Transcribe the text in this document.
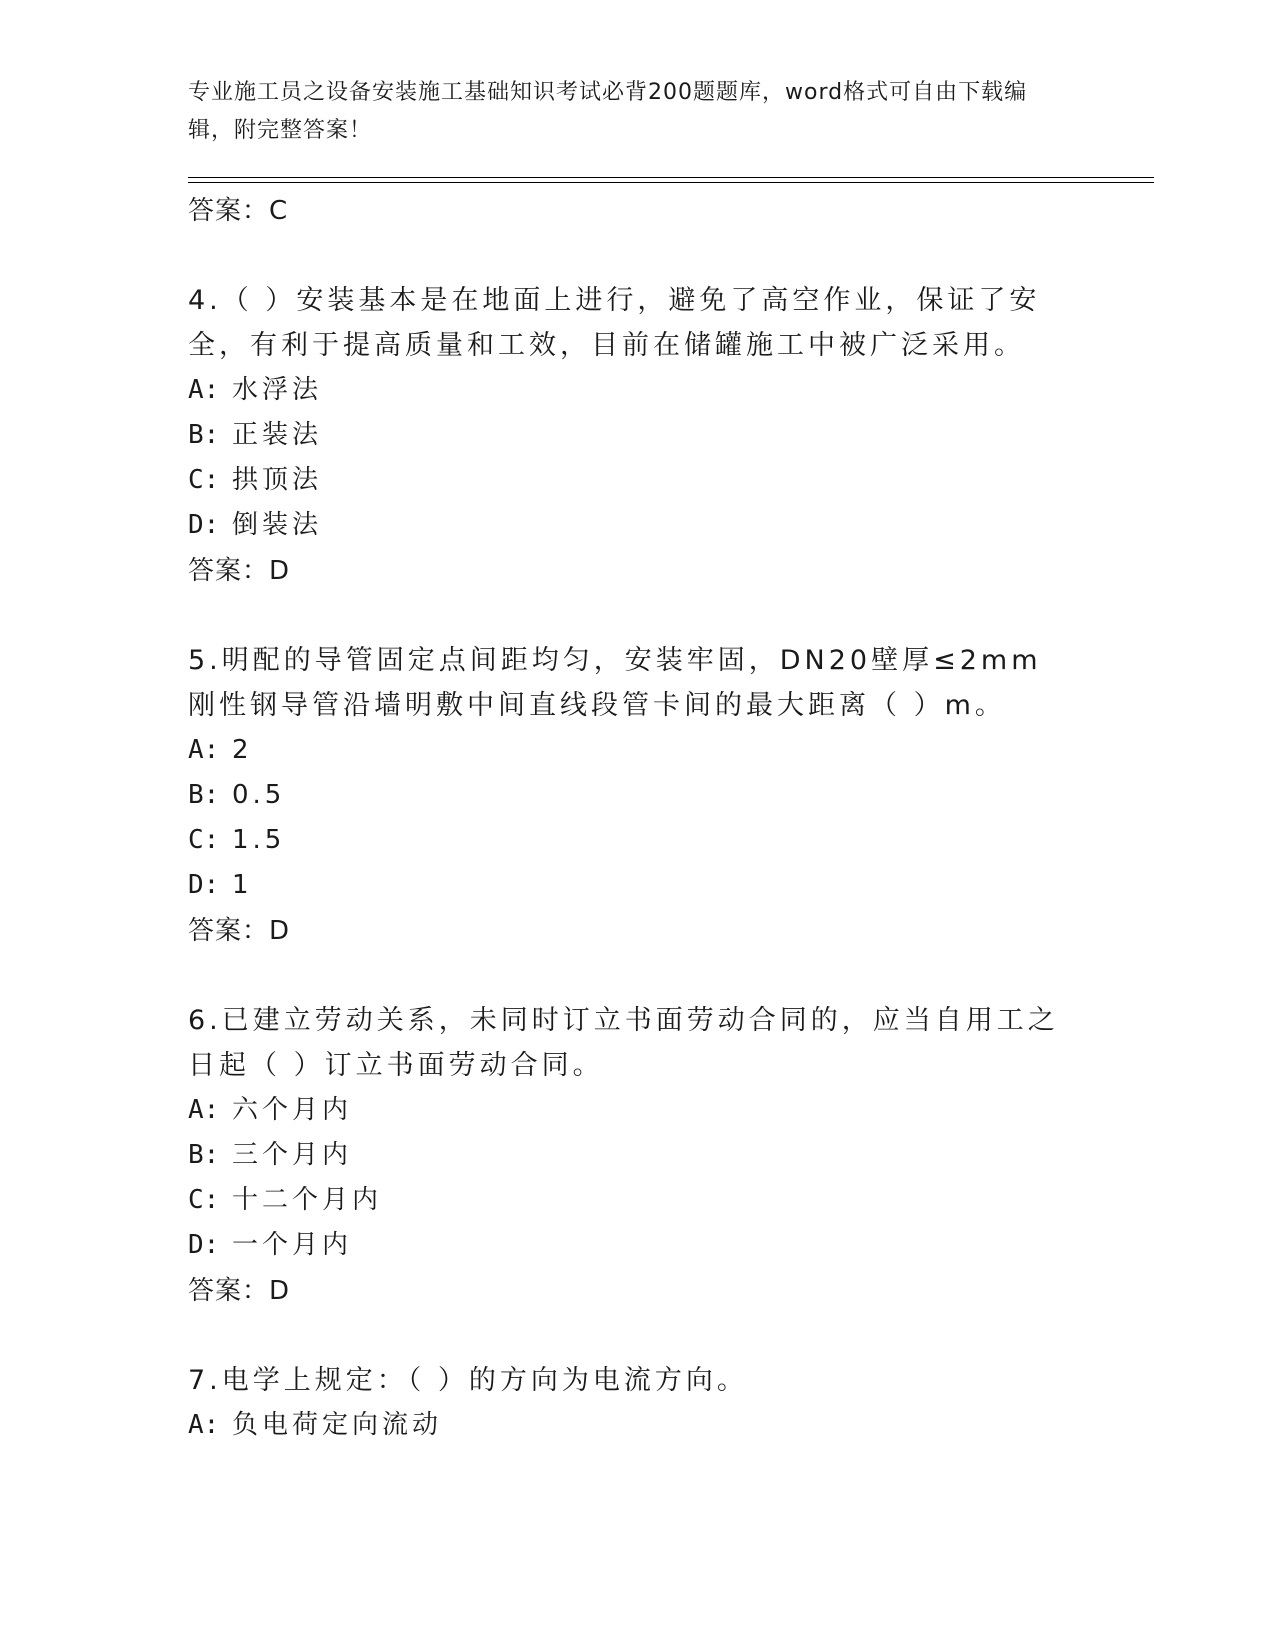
专业施工员之设备安装施工基础知识考试必背200题题库，word格式可自由下载编辑，附完整答案！
答案： C
4.（ ）安装基本是在地面上进行，避免了高空作业，保证了安全，有利于提高质量和工效，目前在储罐施工中被广泛采用。
A: 水浮法
B: 正装法
C: 拱顶法
D: 倒装法
答案： D
5.明配的导管固定点间距均匀，安装牢固，DN20壁厚≤2mm刚性钢导管沿墙明敷中间直线段管卡间的最大距离（ ）m。
A: 2
B: 0.5
C: 1.5
D: 1
答案： D
6.已建立劳动关系，未同时订立书面劳动合同的，应当自用工之日起（ ）订立书面劳动合同。
A: 六个月内
B: 三个月内
C: 十二个月内
D: 一个月内
答案： D
7.电学上规定：（ ）的方向为电流方向。
A: 负电荷定向流动
